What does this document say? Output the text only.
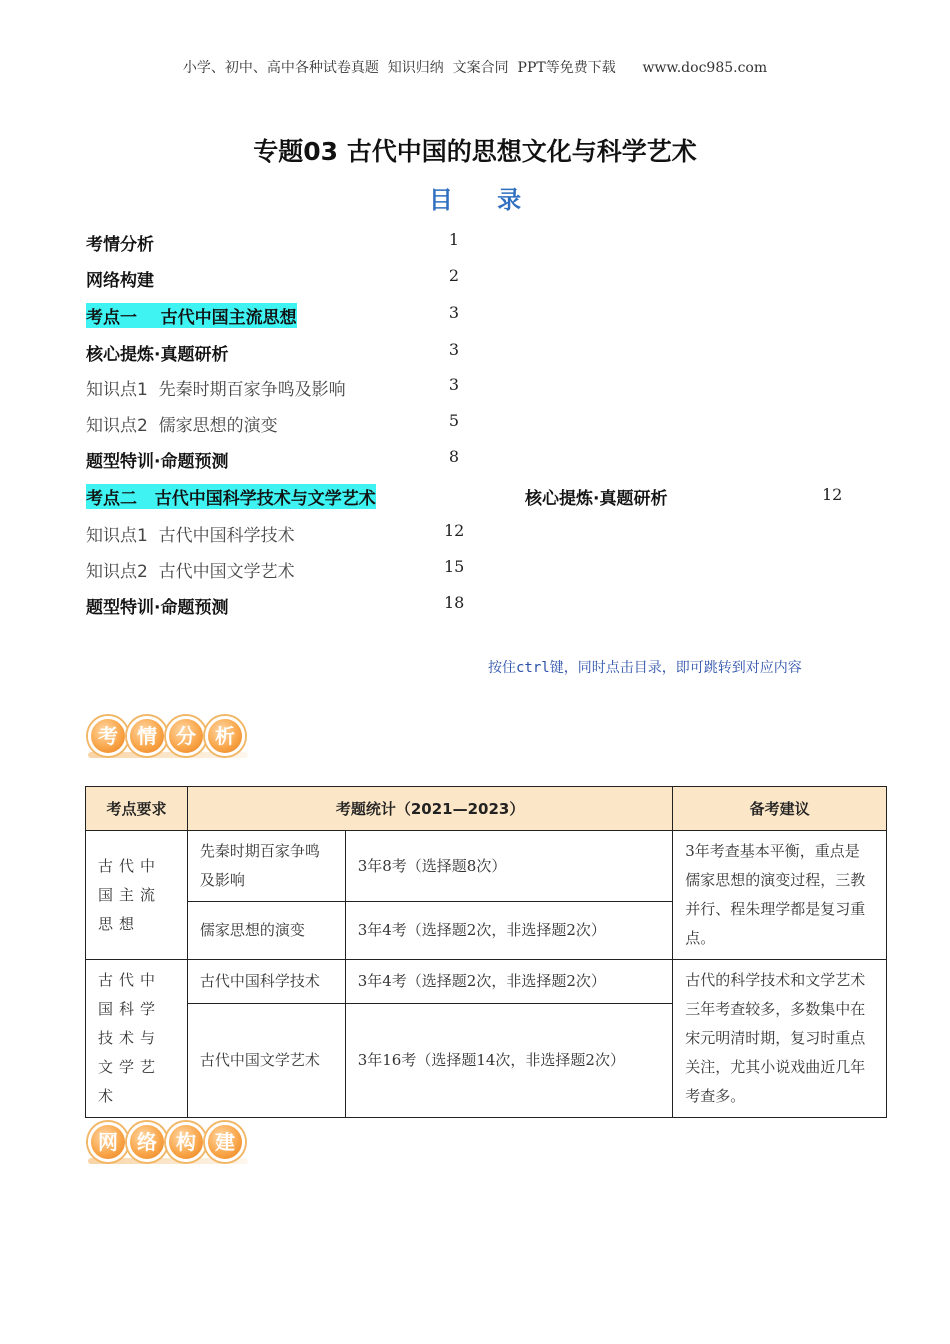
小学、初中、高中各种试卷真题  知识归纳  文案合同  PPT等免费下载      www.doc985.com
专题03 古代中国的思想文化与科学艺术
目 录
考情分析	1
网络构建	2
考点一    古代中国主流思想	3
核心提炼·真题研析	3
知识点1  先秦时期百家争鸣及影响	3
知识点2  儒家思想的演变	5
题型特训·命题预测	8
考点二   古代中国科学技术与文学艺术	核心提炼·真题研析	12
知识点1  古代中国科学技术	12
知识点2  古代中国文学艺术	15
题型特训·命题预测	18
按住ctrl键，同时点击目录，即可跳转到对应内容
考 情 分 析
考点要求	考题统计（2021—2023）		备考建议
古代中国主流思想	先秦时期百家争鸣及影响	3年8考（选择题8次）	3年考查基本平衡，重点是儒家思想的演变过程，三教并行、程朱理学都是复习重点。
	儒家思想的演变	3年4考（选择题2次，非选择题2次）	
古代中国科学技术与文学艺术	古代中国科学技术	3年4考（选择题2次，非选择题2次）	古代的科学技术和文学艺术三年考查较多，多数集中在宋元明清时期，复习时重点关注，尤其小说戏曲近几年考查多。
	古代中国文学艺术	3年16考（选择题14次，非选择题2次）	
网 络 构 建
